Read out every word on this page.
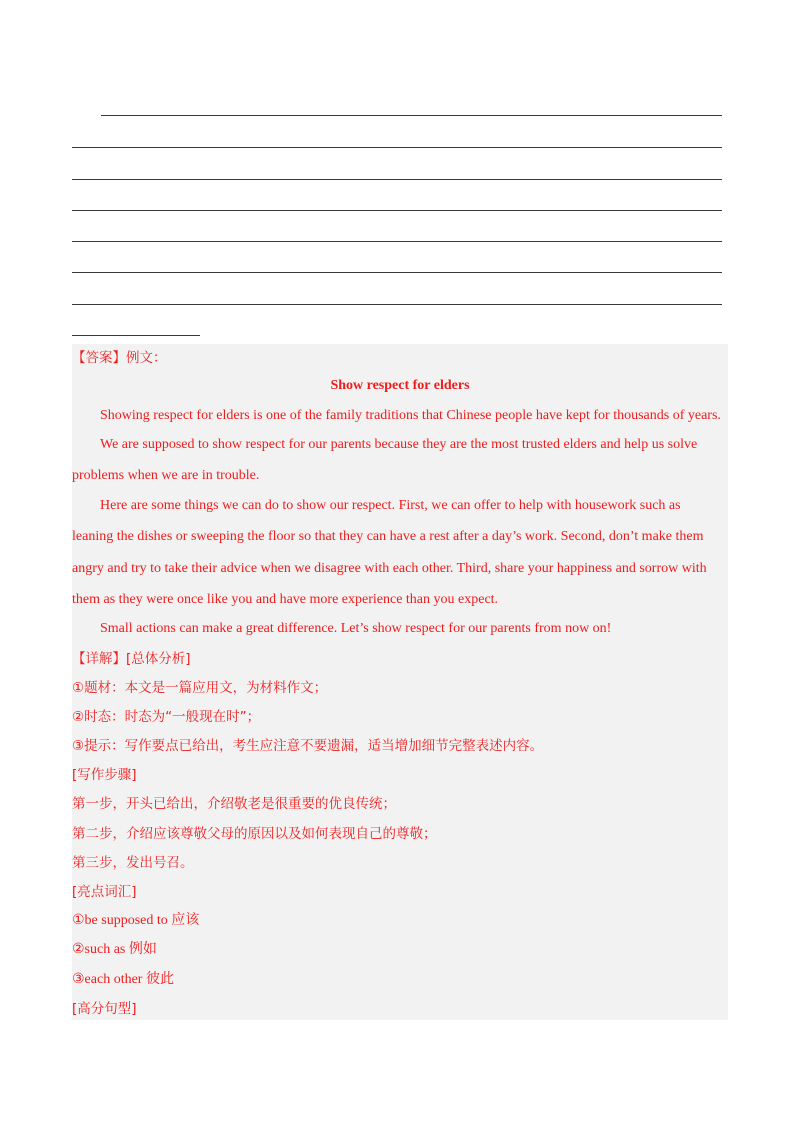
【答案】例文：
Show respect for elders
Showing respect for elders is one of the family traditions that Chinese people have kept for thousands of years.
We are supposed to show respect for our parents because they are the most trusted elders and help us solve
problems when we are in trouble.
Here are some things we can do to show our respect. First, we can offer to help with housework such as
leaning the dishes or sweeping the floor so that they can have a rest after a day’s work. Second, don’t make them
angry and try to take their advice when we disagree with each other. Third, share your happiness and sorrow with
them as they were once like you and have more experience than you expect.
Small actions can make a great difference. Let’s show respect for our parents from now on!
【详解】[总体分析]
①题材：本文是一篇应用文，为材料作文；
②时态：时态为“一般现在时”；
③提示：写作要点已给出，考生应注意不要遗漏，适当增加细节完整表述内容。
[写作步骤]
第一步，开头已给出，介绍敬老是很重要的优良传统；
第二步，介绍应该尊敬父母的原因以及如何表现自己的尊敬；
第三步，发出号召。
[亮点词汇]
①be supposed to 应该
②such as 例如
③each other 彼此
[高分句型]
